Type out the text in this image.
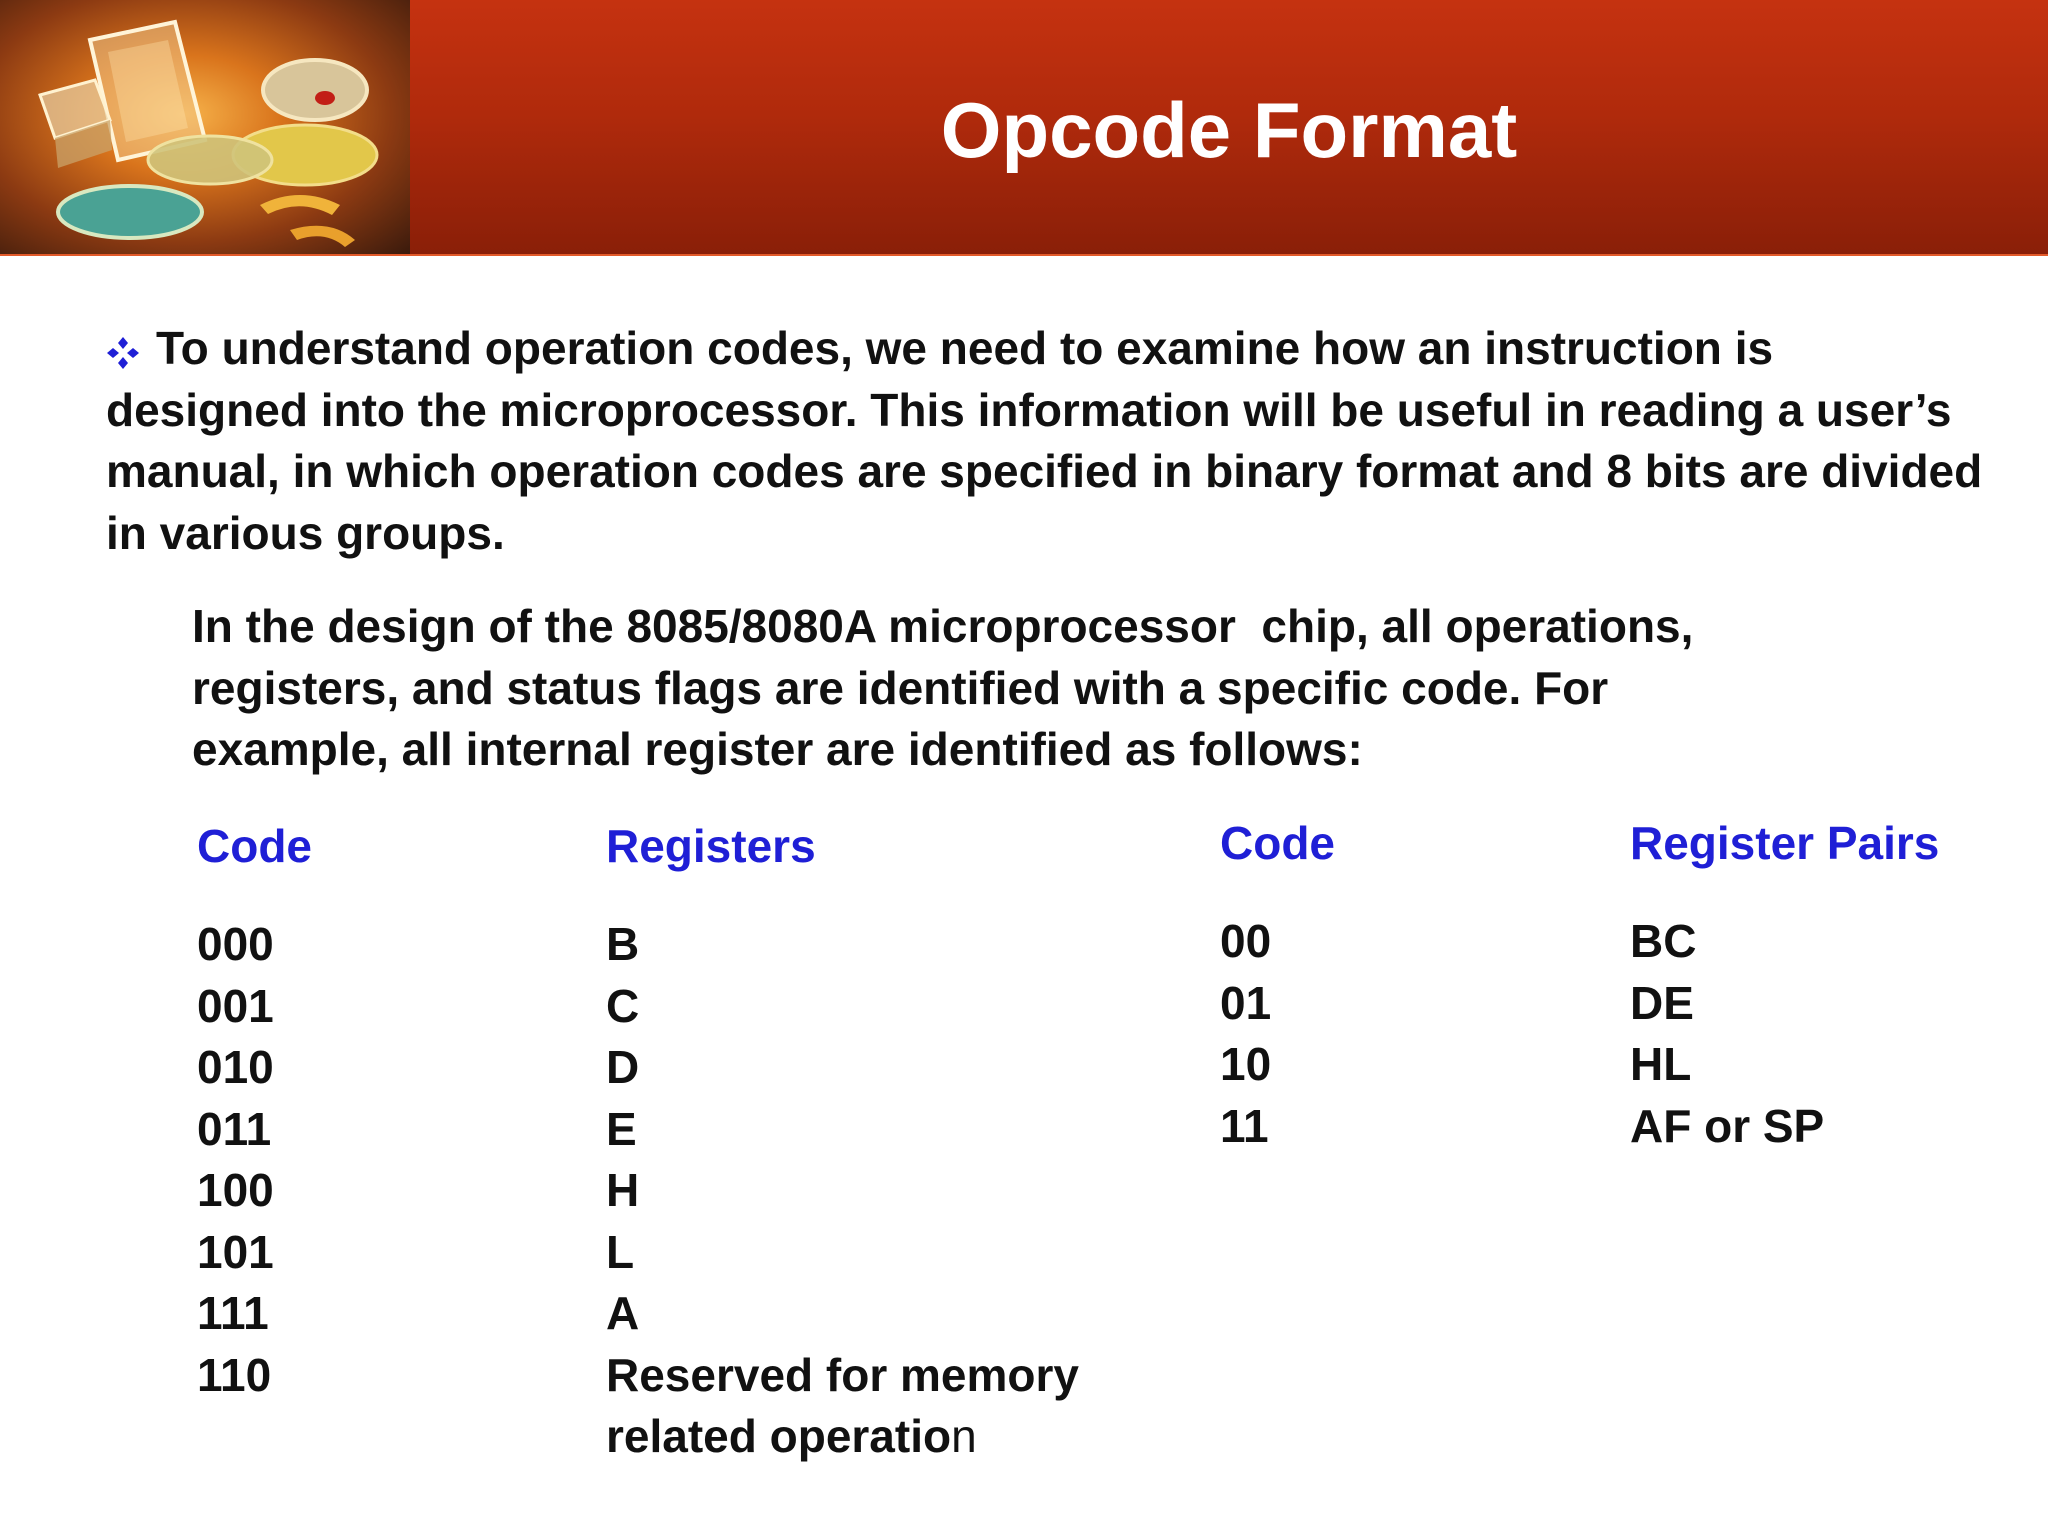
Opcode Format

To understand operation codes, we need to examine how an instruction is designed into the microprocessor. This information will be useful in reading a user’s manual, in which operation codes are specified in binary format and 8 bits are divided in various groups.

In the design of the 8085/8080A microprocessor  chip, all operations,
registers, and status flags are identified with a specific code. For
example, all internal register are identified as follows:

Code

000
001
010
011
100
101
111
110

Registers

B
C
D
E
H
L
A
Reserved for memory
related operation

Code

00
01
10
11

Register Pairs

BC
DE
HL
AF or SP
